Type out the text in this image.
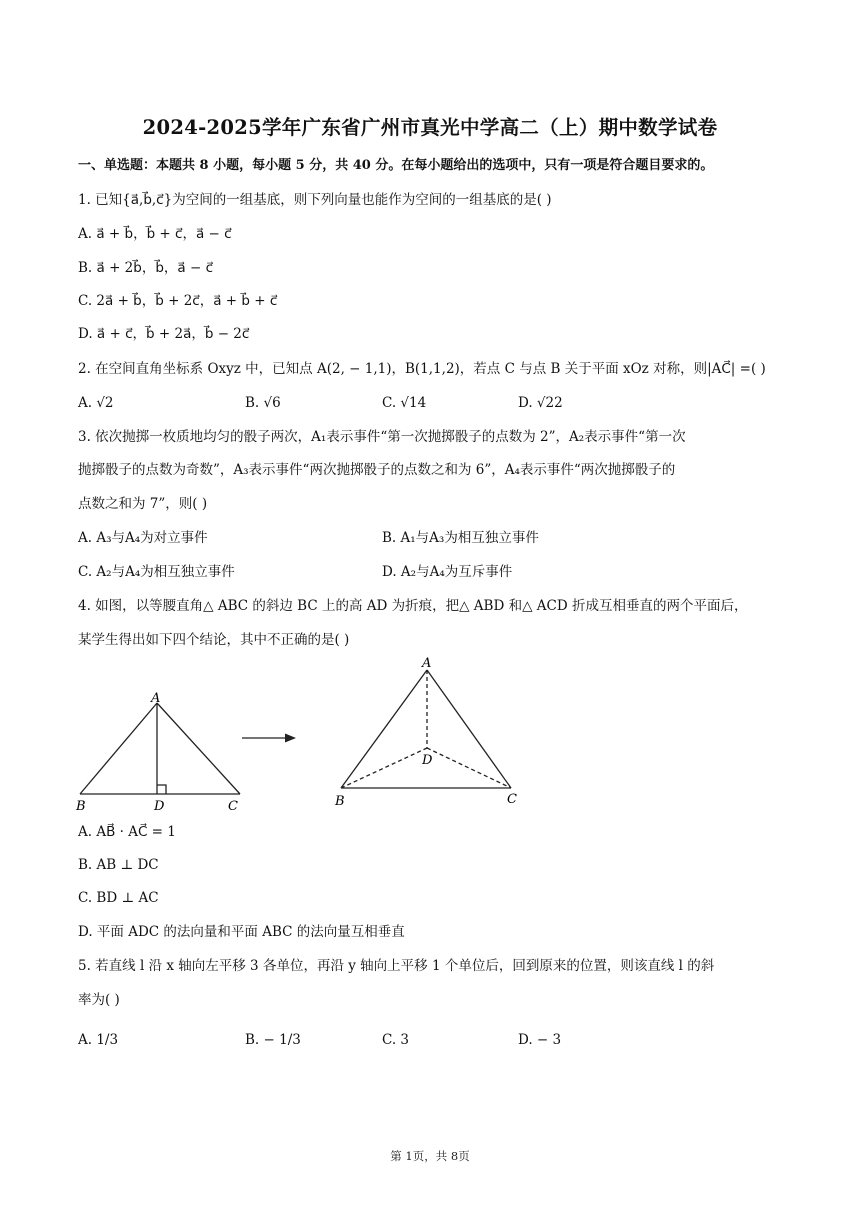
2024-2025学年广东省广州市真光中学高二（上）期中数学试卷
一、单选题：本题共 8 小题，每小题 5 分，共 40 分。在每小题给出的选项中，只有一项是符合题目要求的。
1. 已知{a⃗,b⃗,c⃗}为空间的一组基底，则下列向量也能作为空间的一组基底的是( )
A. a⃗ + b⃗，b⃗ + c⃗，a⃗ − c⃗
B. a⃗ + 2b⃗，b⃗，a⃗ − c⃗
C. 2a⃗ + b⃗，b⃗ + 2c⃗，a⃗ + b⃗ + c⃗
D. a⃗ + c⃗，b⃗ + 2a⃗，b⃗ − 2c⃗
2. 在空间直角坐标系 Oxyz 中，已知点 A(2, − 1,1)，B(1,1,2)，若点 C 与点 B 关于平面 xOz 对称，则|AC⃗| =( )
A. √2	B. √6	C. √14	D. √22
3. 依次抛掷一枚质地均匀的骰子两次，A₁表示事件“第一次抛掷骰子的点数为 2”，A₂表示事件“第一次
抛掷骰子的点数为奇数”，A₃表示事件“两次抛掷骰子的点数之和为 6”，A₄表示事件“两次抛掷骰子的
点数之和为 7”，则( )
A. A₃与A₄为对立事件	B. A₁与A₃为相互独立事件
C. A₂与A₄为相互独立事件	D. A₂与A₄为互斥事件
4. 如图，以等腰直角△ ABC 的斜边 BC 上的高 AD 为折痕，把△ ABD 和△ ACD 折成互相垂直的两个平面后，
某学生得出如下四个结论，其中不正确的是( )
A
B	D	C
A
D
B	C
A. AB⃗ · AC⃗ = 1
B. AB ⊥ DC
C. BD ⊥ AC
D. 平面 ADC 的法向量和平面 ABC 的法向量互相垂直
5. 若直线 l 沿 x 轴向左平移 3 各单位，再沿 y 轴向上平移 1 个单位后，回到原来的位置，则该直线 l 的斜
率为( )
A. 1/3	B. − 1/3	C. 3	D. − 3
第 1页，共 8页
